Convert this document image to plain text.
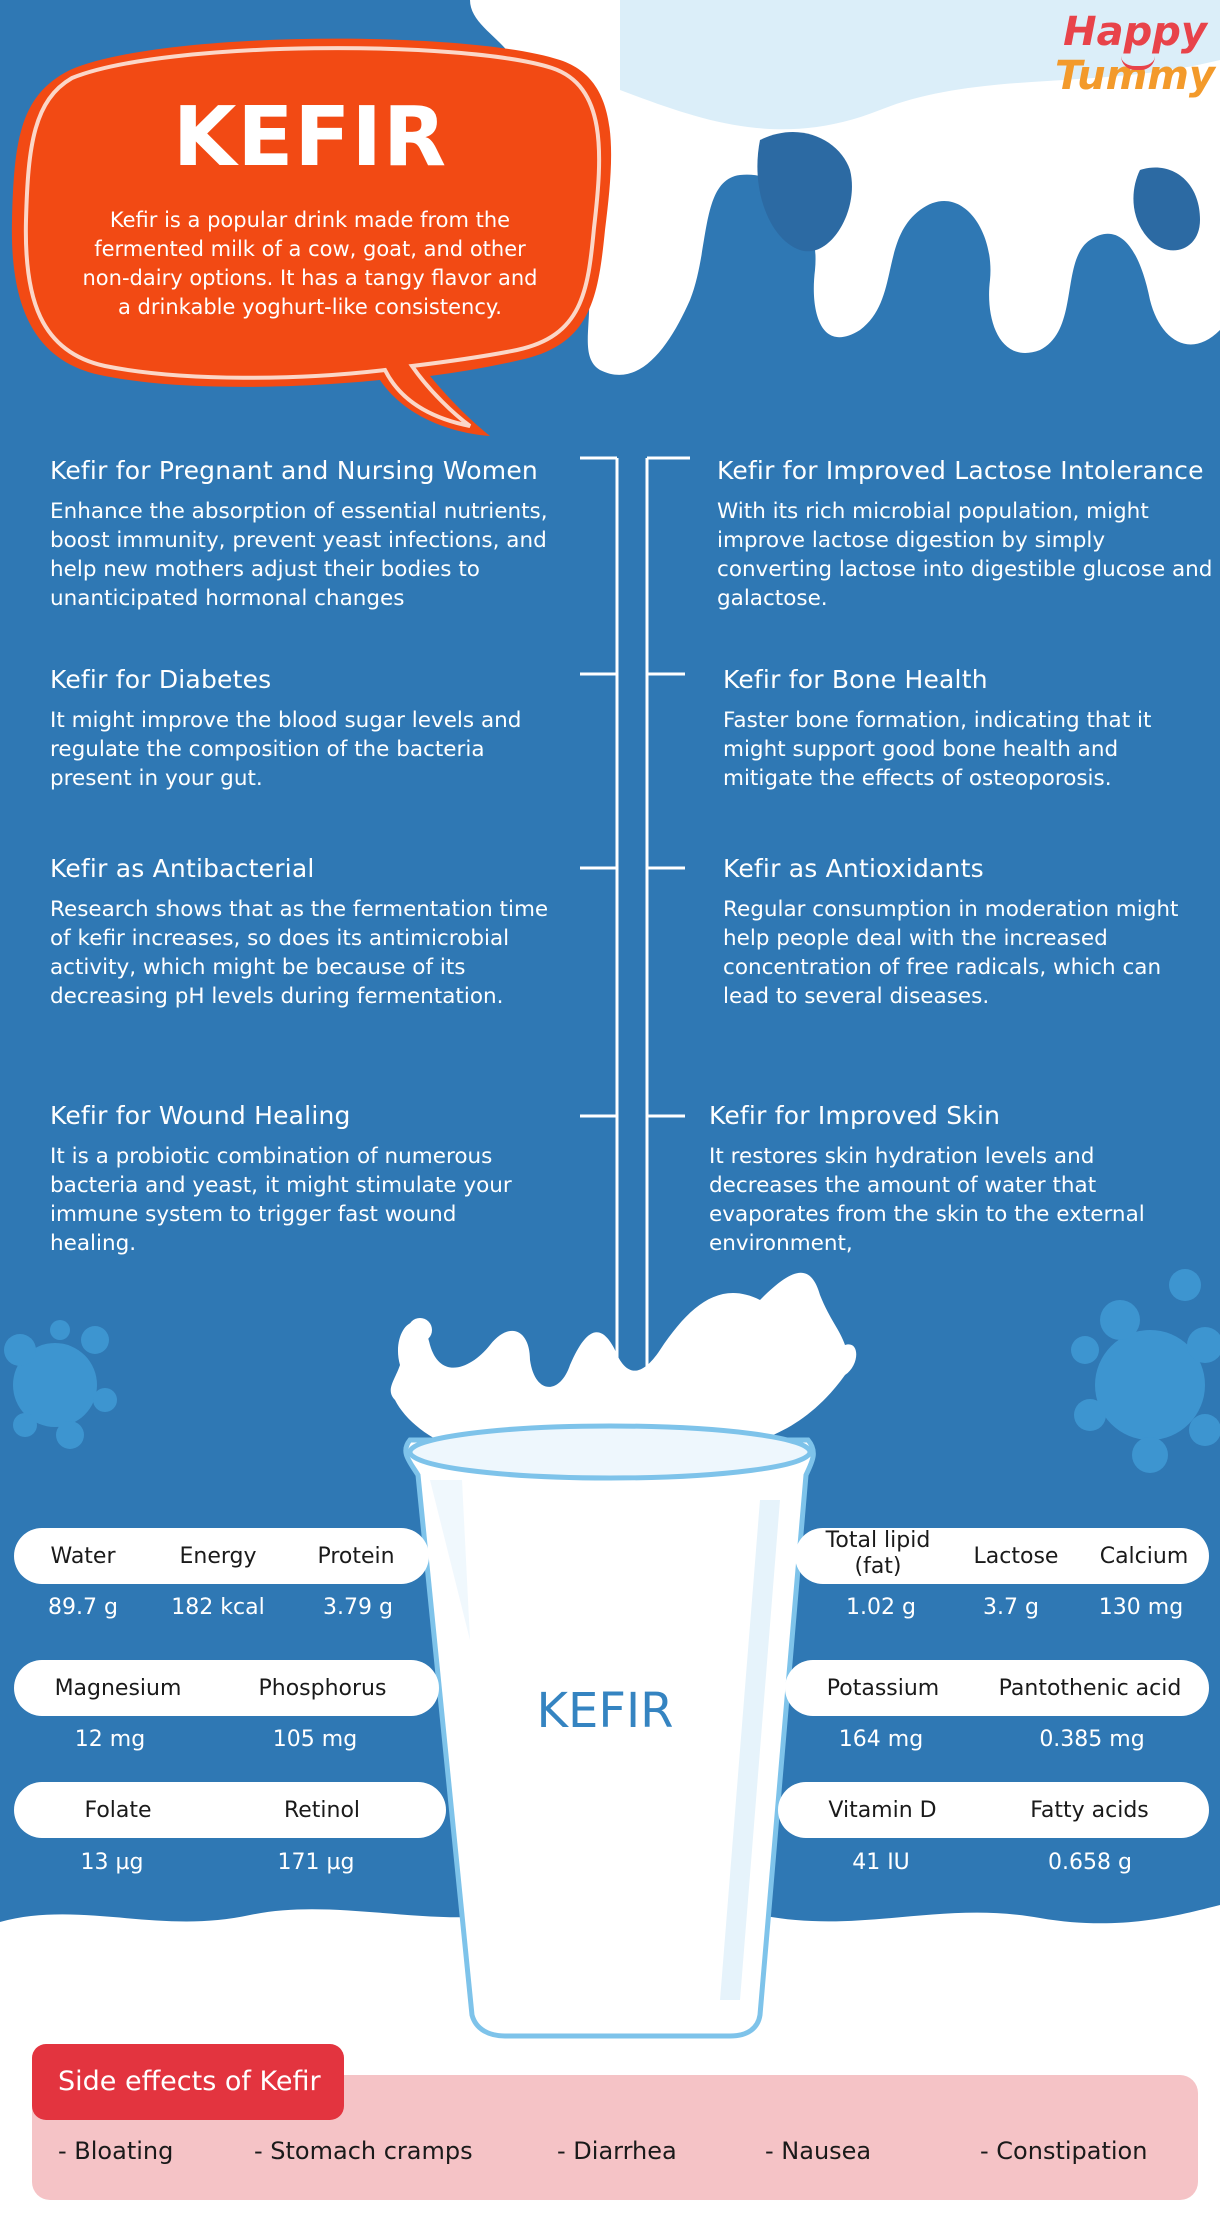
Happy
Tummy
KEFIR
Kefir is a popular drink made from the fermented milk of a cow, goat, and other non-dairy options. It has a tangy flavor and a drinkable yoghurt-like consistency.
Kefir for Pregnant and Nursing Women

Enhance the absorption of essential nutrients, boost immunity, prevent yeast infections, and help new mothers adjust their bodies to unanticipated hormonal changes

Kefir for Diabetes

It might improve the blood sugar levels and regulate the composition of the bacteria present in your gut.

Kefir as Antibacterial

Research shows that as the fermentation time of kefir increases, so does its antimicrobial activity, which might be because of its decreasing pH levels during fermentation.

Kefir for Wound Healing

It is a probiotic combination of numerous bacteria and yeast, it might stimulate your immune system to trigger fast wound healing.

Kefir for Improved Lactose Intolerance

With its rich microbial population, might improve lactose digestion by simply converting lactose into digestible glucose and galactose.

Kefir for Bone Health

Faster bone formation, indicating that it might support good bone health and mitigate the effects of osteoporosis.

Kefir as Antioxidants

Regular consumption in moderation might help people deal with the increased concentration of free radicals, which can lead to several diseases.

Kefir for Improved Skin

It restores skin hydration levels and decreases the amount of water that evaporates from the skin to the external environment,

KEFIR
Water	Energy	Protein
89.7 g	182 kcal	3.79 g
Total lipid (fat)	Lactose	Calcium
1.02 g	3.7 g	130 mg
Magnesium	Phosphorus
12 mg	105 mg
Potassium	Pantothenic acid
164 mg	0.385 mg
Folate	Retinol
13 µg	171 µg
Vitamin D	Fatty acids
41 IU	0.658 g
Side effects of Kefir
- Bloating	- Stomach cramps	- Diarrhea	- Nausea	- Constipation
